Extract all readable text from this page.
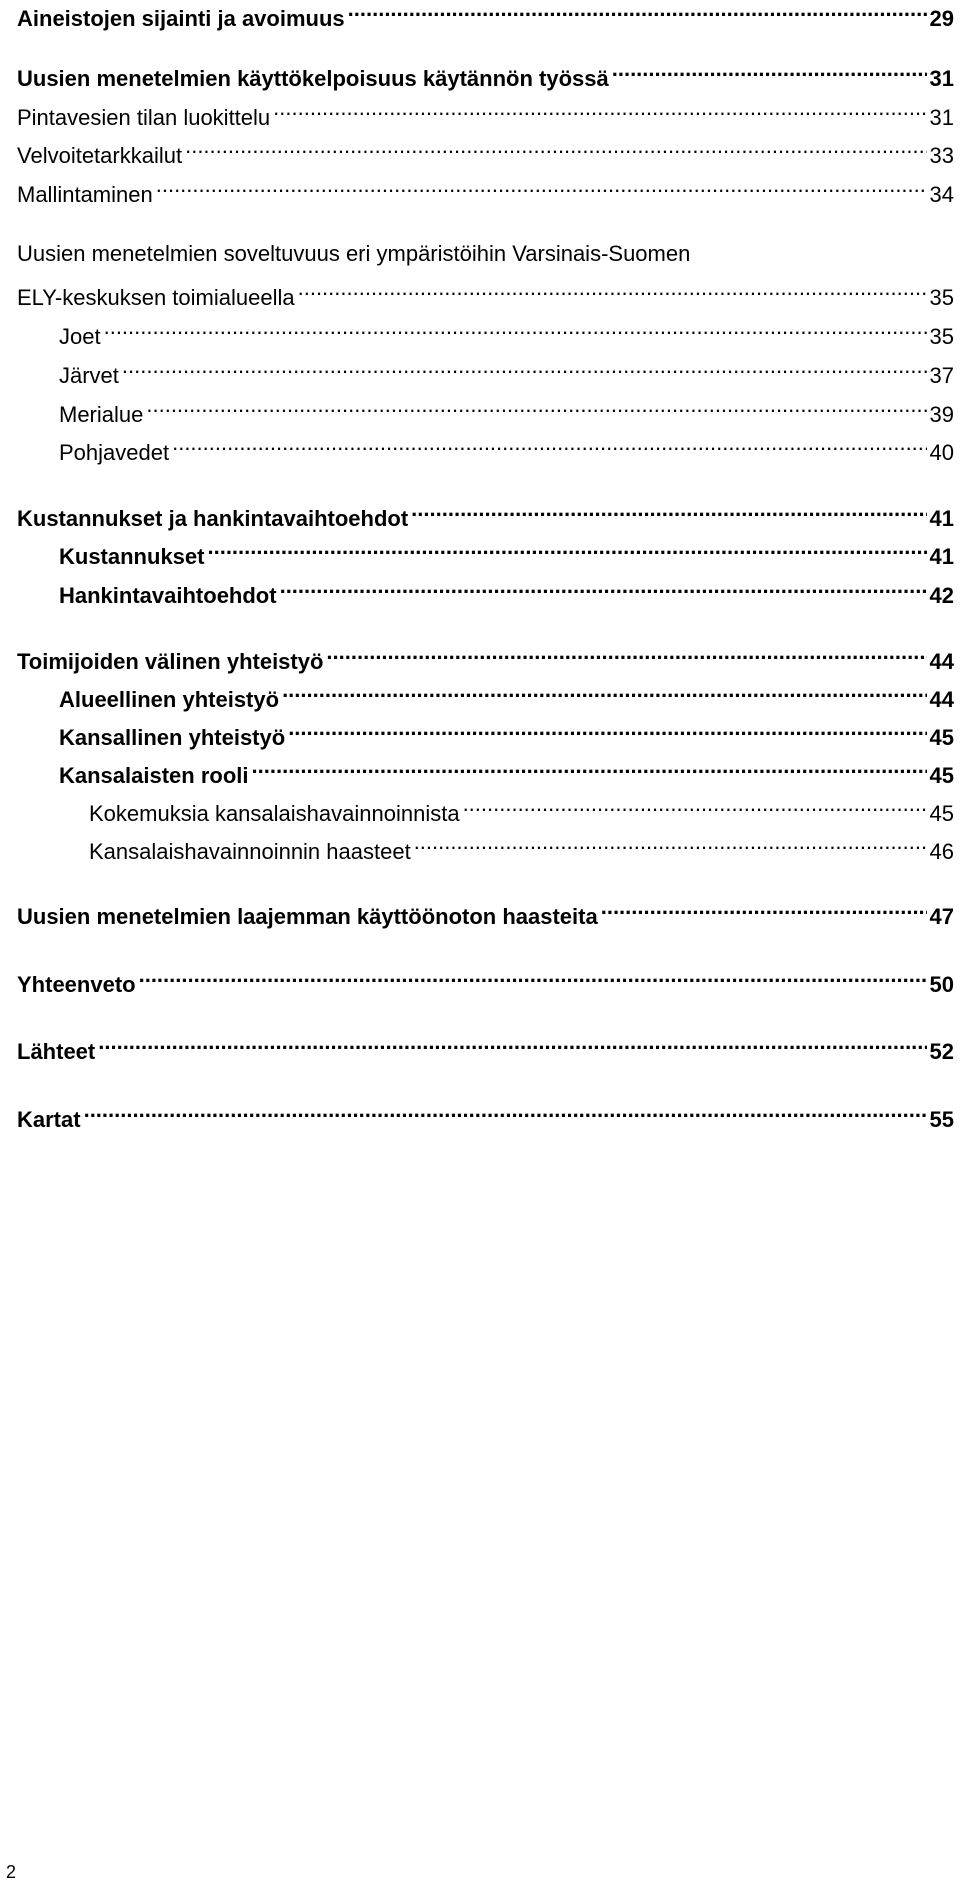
Aineistojen sijainti ja avoimuus .....	29
Uusien menetelmien käyttökelpoisuus käytännön työssä .....	31
Pintavesien tilan luokittelu .....	31
Velvoitetarkkailut .....	33
Mallintaminen .....	34
Uusien menetelmien soveltuvuus eri ympäristöihin Varsinais-Suomen
ELY-keskuksen toimialueella .....	35
Joet .....	35
Järvet .....	37
Merialue .....	39
Pohjavedet .....	40
Kustannukset ja hankintavaihtoehdot .....	41
Kustannukset .....	41
Hankintavaihtoehdot .....	42
Toimijoiden välinen yhteistyö .....	44
Alueellinen yhteistyö .....	44
Kansallinen yhteistyö .....	45
Kansalaisten rooli .....	45
Kokemuksia kansalaishavainnoinnista .....	45
Kansalaishavainnoinnin haasteet .....	46
Uusien menetelmien laajemman käyttöönoton haasteita .....	47
Yhteenveto .....	50
Lähteet .....	52
Kartat .....	55
2
